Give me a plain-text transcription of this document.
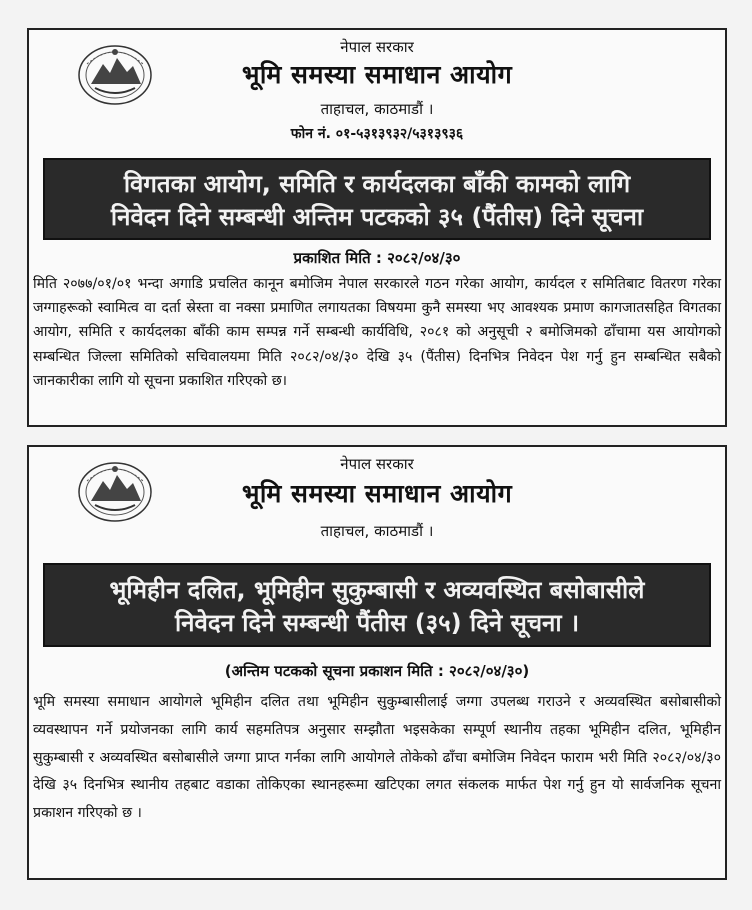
नेपाल सरकार
भूमि समस्या समाधान आयोग
ताहाचल, काठमाडौं ।
फोन नं. ०१-५३१३९३२/५३१३९३६
विगतका आयोग, समिति र कार्यदलका बाँकी कामको लागि
निवेदन दिने सम्बन्धी अन्तिम पटकको ३५ (पैंतीस) दिने सूचना
प्रकाशित मिति : २०८२/०४/३०
मिति २०७७/०१/०१ भन्दा अगाडि प्रचलित कानून बमोजिम नेपाल सरकारले गठन गरेका आयोग, कार्यदल र समितिबाट वितरण गरेका जग्गाहरूको स्वामित्व वा दर्ता स्रेस्ता वा नक्सा प्रमाणित लगायतका विषयमा कुनै समस्या भए आवश्यक प्रमाण कागजातसहित विगतका आयोग, समिति र कार्यदलका बाँकी काम सम्पन्न गर्ने सम्बन्धी कार्यविधि, २०८१ को अनुसूची २ बमोजिमको ढाँचामा यस आयोगको सम्बन्धित जिल्ला समितिको सचिवालयमा मिति २०८२/०४/३० देखि ३५ (पैंतीस) दिनभित्र निवेदन पेश गर्नु हुन सम्बन्धित सबैको जानकारीका लागि यो सूचना प्रकाशित गरिएको छ।
नेपाल सरकार
भूमि समस्या समाधान आयोग
ताहाचल, काठमाडौं ।
भूमिहीन दलित, भूमिहीन सुकुम्बासी र अव्यवस्थित बसोबासीले
निवेदन दिने सम्बन्धी पैंतीस (३५) दिने सूचना ।
(अन्तिम पटकको सूचना प्रकाशन मिति : २०८२/०४/३०)
भूमि समस्या समाधान आयोगले भूमिहीन दलित तथा भूमिहीन सुकुम्बासीलाई जग्गा उपलब्ध गराउने र अव्यवस्थित बसोबासीको व्यवस्थापन गर्ने प्रयोजनका लागि कार्य सहमतिपत्र अनुसार सम्झौता भइसकेका सम्पूर्ण स्थानीय तहका भूमिहीन दलित, भूमिहीन सुकुम्बासी र अव्यवस्थित बसोबासीले जग्गा प्राप्त गर्नका लागि आयोगले तोकेको ढाँचा बमोजिम निवेदन फाराम भरी मिति २०८२/०४/३० देखि ३५ दिनभित्र स्थानीय तहबाट वडाका तोकिएका स्थानहरूमा खटिएका लगत संकलक मार्फत पेश गर्नु हुन यो सार्वजनिक सूचना प्रकाशन गरिएको छ ।
